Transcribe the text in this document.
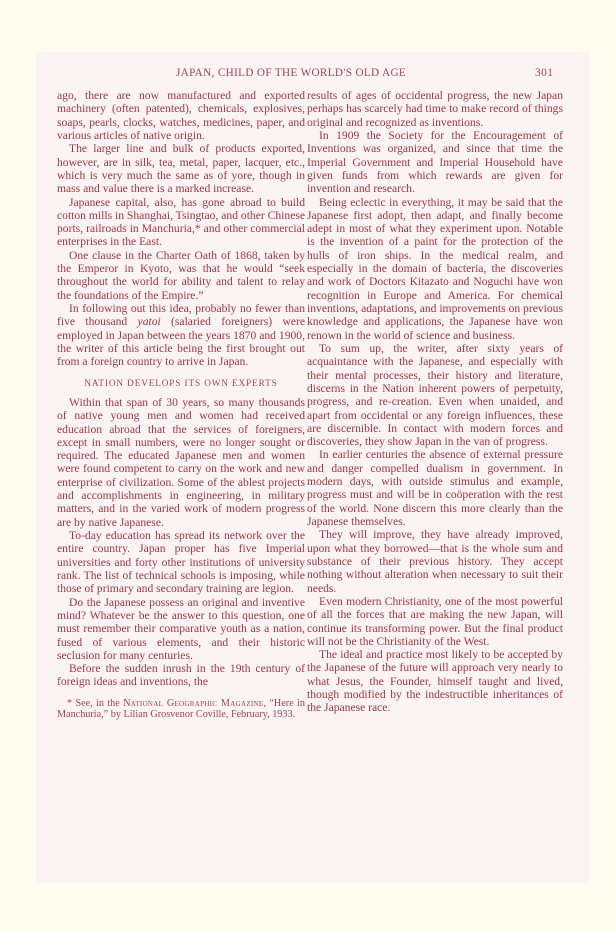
JAPAN, CHILD OF THE WORLD'S OLD AGE	301

ago, there are now manufactured and exported machinery (often patented), chemicals, explosives, soaps, pearls, clocks, watches, medicines, paper, and various articles of native origin.

The larger line and bulk of products exported, however, are in silk, tea, metal, paper, lacquer, etc., which is very much the same as of yore, though in mass and value there is a marked increase.

Japanese capital, also, has gone abroad to build cotton mills in Shanghai, Tsingtao, and other Chinese ports, railroads in Manchuria,* and other commercial enterprises in the East.

One clause in the Charter Oath of 1868, taken by the Emperor in Kyoto, was that he would “seek throughout the world for ability and talent to relay the foundations of the Empire.”

In following out this idea, probably no fewer than five thousand yatoi (salaried foreigners) were employed in Japan between the years 1870 and 1900, the writer of this article being the first brought out from a foreign country to arrive in Japan.

NATION DEVELOPS ITS OWN EXPERTS

Within that span of 30 years, so many thousands of native young men and women had received education abroad that the services of foreigners, except in small numbers, were no longer sought or required. The educated Japanese men and women were found competent to carry on the work and new enterprise of civilization. Some of the ablest projects and accomplishments in engineering, in military matters, and in the varied work of modern progress are by native Japanese.

To-day education has spread its network over the entire country. Japan proper has five Imperial universities and forty other institutions of university rank. The list of technical schools is imposing, while those of primary and secondary training are legion.

Do the Japanese possess an original and inventive mind? Whatever be the answer to this question, one must remember their comparative youth as a nation, fused of various elements, and their historic seclusion for many centuries.

Before the sudden inrush in the 19th century of foreign ideas and inventions, the

* See, in the National Geographic Magazine, “Here in Manchuria,” by Lilian Grosvenor Coville, February, 1933.

results of ages of occidental progress, the new Japan perhaps has scarcely had time to make record of things original and recognized as inventions.

In 1909 the Society for the Encouragement of Inventions was organized, and since that time the Imperial Government and Imperial Household have given funds from which rewards are given for invention and research.

Being eclectic in everything, it may be said that the Japanese first adopt, then adapt, and finally become adept in most of what they experiment upon. Notable is the invention of a paint for the protection of the hulls of iron ships. In the medical realm, and especially in the domain of bacteria, the discoveries and work of Doctors Kitazato and Noguchi have won recognition in Europe and America. For chemical inventions, adaptations, and improvements on previous knowledge and applications, the Japanese have won renown in the world of science and business.

To sum up, the writer, after sixty years of acquaintance with the Japanese, and especially with their mental processes, their history and literature, discerns in the Nation inherent powers of perpetuity, progress, and re-creation. Even when unaided, and apart from occidental or any foreign influences, these are discernible. In contact with modern forces and discoveries, they show Japan in the van of progress.

In earlier centuries the absence of external pressure and danger compelled dualism in government. In modern days, with outside stimulus and example, progress must and will be in coöperation with the rest of the world. None discern this more clearly than the Japanese themselves.

They will improve, they have already improved, upon what they borrowed—that is the whole sum and substance of their previous history. They accept nothing without alteration when necessary to suit their needs.

Even modern Christianity, one of the most powerful of all the forces that are making the new Japan, will continue its transforming power. But the final product will not be the Christianity of the West.

The ideal and practice most likely to be accepted by the Japanese of the future will approach very nearly to what Jesus, the Founder, himself taught and lived, though modified by the indestructible inheritances of the Japanese race.
